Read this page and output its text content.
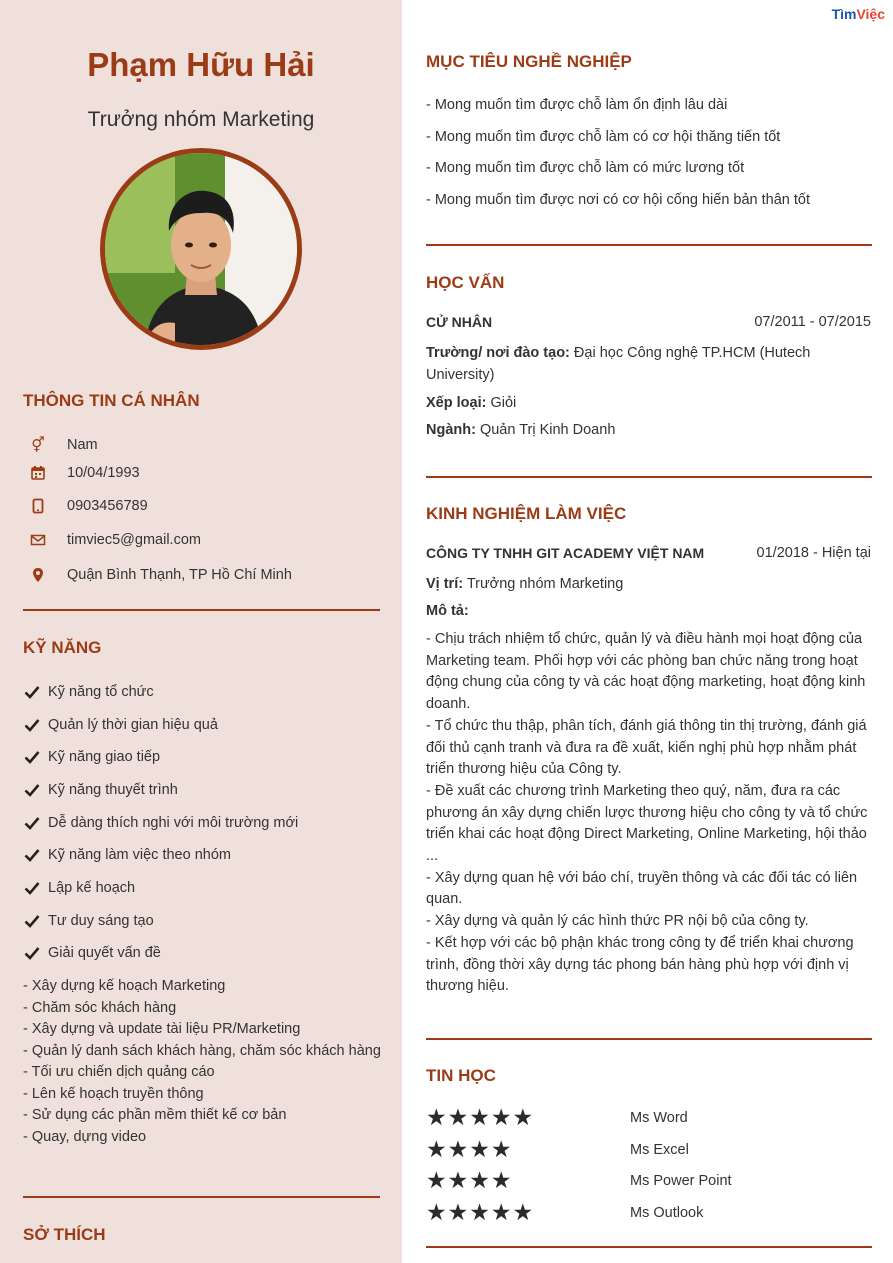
Phạm Hữu Hải
Trưởng nhóm Marketing
THÔNG TIN CÁ NHÂN
⚥ Nam
10/04/1993
0903456789
timviec5@gmail.com
Quận Bình Thạnh, TP Hồ Chí Minh
KỸ NĂNG
Kỹ năng tổ chức
Quản lý thời gian hiệu quả
Kỹ năng giao tiếp
Kỹ năng thuyết trình
Dễ dàng thích nghi với môi trường mới
Kỹ năng làm việc theo nhóm
Lập kế hoạch
Tư duy sáng tạo
Giải quyết vấn đề
- Xây dựng kế hoạch Marketing
- Chăm sóc khách hàng
- Xây dựng và update tài liệu PR/Marketing
- Quản lý danh sách khách hàng, chăm sóc khách hàng
- Tối ưu chiến dịch quảng cáo
- Lên kế hoạch truyền thông
- Sử dụng các phần mềm thiết kế cơ bản
- Quay, dựng video
SỞ THÍCH
TìmViệc
MỤC TIÊU NGHỀ NGHIỆP
- Mong muốn tìm được chỗ làm ổn định lâu dài
- Mong muốn tìm được chỗ làm có cơ hội thăng tiến tốt
- Mong muốn tìm được chỗ làm có mức lương tốt
- Mong muốn tìm được nơi có cơ hội cống hiến bản thân tốt
HỌC VẤN
CỬ NHÂN	07/2011 - 07/2015
Trường/ nơi đào tạo: Đại học Công nghệ TP.HCM (Hutech University)
Xếp loại: Giỏi
Ngành: Quản Trị Kinh Doanh
KINH NGHIỆM LÀM VIỆC
CÔNG TY TNHH GIT ACADEMY VIỆT NAM	01/2018 - Hiện tại
Vị trí: Trưởng nhóm Marketing
Mô tả:
- Chịu trách nhiệm tổ chức, quản lý và điều hành mọi hoạt động của Marketing team. Phối hợp với các phòng ban chức năng trong hoạt động chung của công ty và các hoạt động marketing, hoạt động kinh doanh.
- Tổ chức thu thập, phân tích, đánh giá thông tin thị trường, đánh giá đối thủ cạnh tranh và đưa ra đề xuất, kiến nghị phù hợp nhằm phát triển thương hiệu của Công ty.
- Đề xuất các chương trình Marketing theo quý, năm, đưa ra các phương án xây dựng chiến lược thương hiệu cho công ty và tổ chức triển khai các hoạt động Direct Marketing, Online Marketing, hội thảo ...
- Xây dựng quan hệ với báo chí, truyền thông và các đối tác có liên quan.
- Xây dựng và quản lý các hình thức PR nội bộ của công ty.
- Kết hợp với các bộ phận khác trong công ty để triển khai chương trình, đồng thời xây dựng tác phong bán hàng phù hợp với định vị thương hiệu.
TIN HỌC
★ ★ ★ ★ ★	Ms Word
★ ★ ★ ★	Ms Excel
★ ★ ★ ★	Ms Power Point
★ ★ ★ ★ ★	Ms Outlook
